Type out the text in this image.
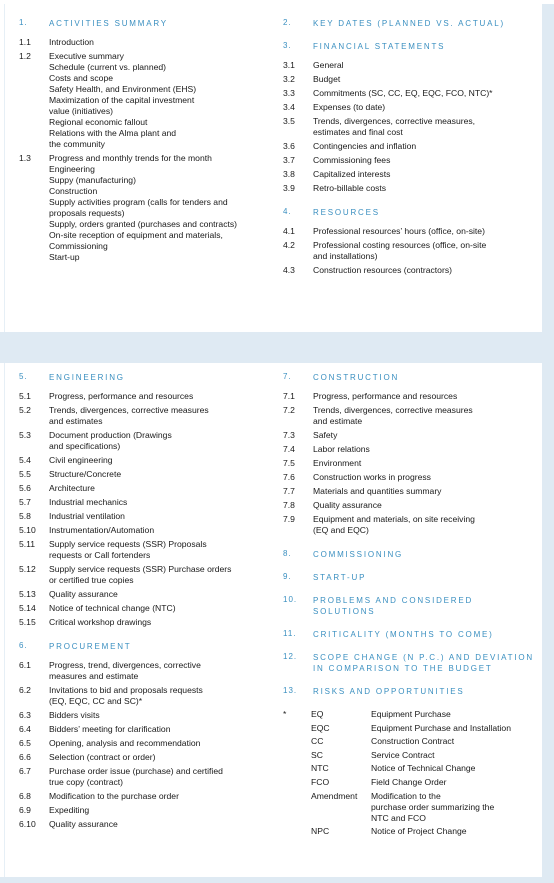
1.	ACTIVITIES SUMMARY
1.1 Introduction
1.2 Executive summary
Schedule (current vs. planned)
Costs and scope
Safety Health, and Environment (EHS)
Maximization of the capital investment
value (initiatives)
Regional economic fallout
Relations with the Alma plant and
the community
1.3 Progress and monthly trends for the month
Engineering
Suppy (manufacturing)
Construction
Supply activities program (calls for tenders and
proposals requests)
Supply, orders granted (purchases and contracts)
On-site reception of equipment and materials,
Commissioning
Start-up
2.	KEY DATES (PLANNED VS. ACTUAL)
3.	FINANCIAL STATEMENTS
3.1 General
3.2 Budget
3.3 Commitments (SC, CC, EQ, EQC, FCO, NTC)*
3.4 Expenses (to date)
3.5 Trends, divergences, corrective measures,
estimates and final cost
3.6 Contingencies and inflation
3.7 Commissioning fees
3.8 Capitalized interests
3.9 Retro-billable costs
4.	RESOURCES
4.1 Professional resources’ hours (office, on-site)
4.2 Professional costing resources (office, on-site
and installations)
4.3 Construction resources (contractors)
5.	ENGINEERING
5.1 Progress, performance and resources
5.2 Trends, divergences, corrective measures
and estimates
5.3 Document production (Drawings
and specifications)
5.4 Civil engineering
5.5 Structure/Concrete
5.6 Architecture
5.7 Industrial mechanics
5.8 Industrial ventilation
5.10 Instrumentation/Automation
5.11 Supply service requests (SSR) Proposals
requests or Call fortenders
5.12 Supply service requests (SSR) Purchase orders
or certified true copies
5.13 Quality assurance
5.14 Notice of technical change (NTC)
5.15 Critical workshop drawings
6.	PROCUREMENT
6.1 Progress, trend, divergences, corrective
measures and estimate
6.2 Invitations to bid and proposals requests
(EQ, EQC, CC and SC)*
6.3 Bidders visits
6.4 Bidders’ meeting for clarification
6.5 Opening, analysis and recommendation
6.6 Selection (contract or order)
6.7 Purchase order issue (purchase) and certified
true copy (contract)
6.8 Modification to the purchase order
6.9 Expediting
6.10 Quality assurance
7.	CONSTRUCTION
7.1 Progress, performance and resources
7.2 Trends, divergences, corrective measures
and estimate
7.3 Safety
7.4 Labor relations
7.5 Environment
7.6 Construction works in progress
7.7 Materials and quantities summary
7.8 Quality assurance
7.9 Equipment and materials, on site receiving
(EQ and EQC)
8.	COMMISSIONING
9.	START-UP
10. PROBLEMS AND CONSIDERED
SOLUTIONS
11. CRITICALITY (MONTHS TO COME)
12. SCOPE CHANGE (N P.C.) AND DEVIATION
IN COMPARISON TO THE BUDGET
13. RISKS AND OPPORTUNITIES
*	EQ	Equipment Purchase
EQC	Equipment Purchase and Installation
CC	Construction Contract
SC	Service Contract
NTC	Notice of Technical Change
FCO	Field Change Order
Amendment Modification to the
purchase order summarizing the
NTC and FCO
NPC	Notice of Project Change
